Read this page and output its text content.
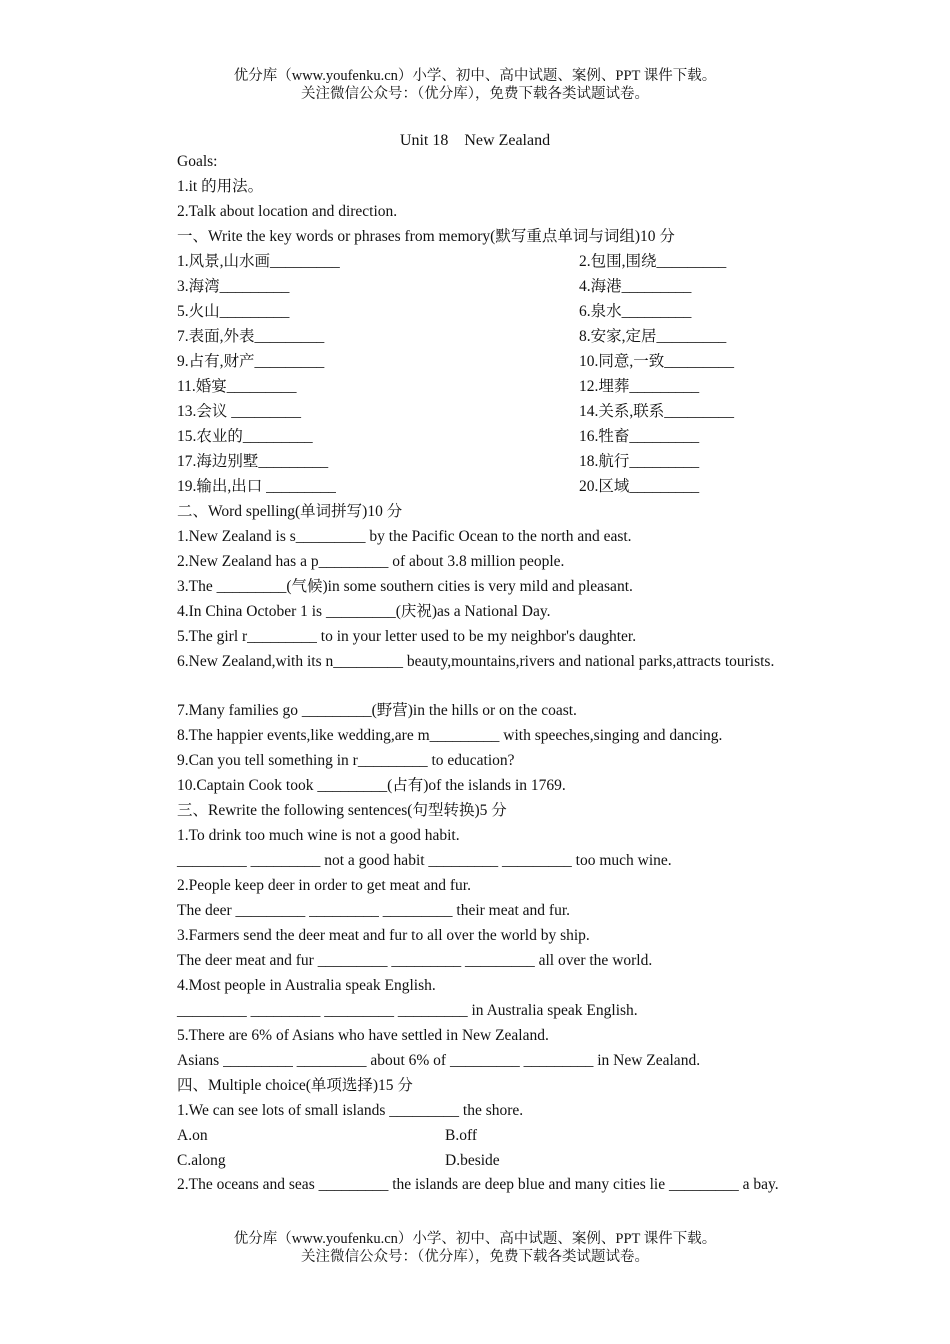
优分库（www.youfenku.cn）小学、初中、高中试题、案例、PPT 课件下载。
关注微信公众号：（优分库），免费下载各类试题试卷。
Unit 18　New Zealand
Goals:
1.it 的用法。
2.Talk about location and direction.
一、Write the key words or phrases from memory(默写重点单词与词组)10 分
1.风景,山水画_________	2.包围,围绕_________
3.海湾_________	4.海港_________
5.火山_________	6.泉水_________
7.表面,外表_________	8.安家,定居_________
9.占有,财产_________	10.同意,一致_________
11.婚宴_________	12.埋葬_________
13.会议 _________	14.关系,联系_________
15.农业的_________	16.牲畜_________
17.海边别墅_________	18.航行_________
19.输出,出口 _________	20.区域_________
二、Word spelling(单词拼写)10 分
1.New Zealand is s_________ by the Pacific Ocean to the north and east.
2.New Zealand has a p_________ of about 3.8 million people.
3.The _________(气候)in some southern cities is very mild and pleasant.
4.In China October 1 is _________(庆祝)as a National Day.
5.The girl r_________ to in your letter used to be my neighbor's daughter.
6.New Zealand,with its n_________ beauty,mountains,rivers and national parks,attracts tourists.
7.Many families go _________(野营)in the hills or on the coast.
8.The happier events,like wedding,are m_________ with speeches,singing and dancing.
9.Can you tell something in r_________ to education?
10.Captain Cook took _________(占有)of the islands in 1769.
三、Rewrite the following sentences(句型转换)5 分
1.To drink too much wine is not a good habit.
_________ _________ not a good habit _________ _________ too much wine.
2.People keep deer in order to get meat and fur.
The deer _________ _________ _________ their meat and fur.
3.Farmers send the deer meat and fur to all over the world by ship.
The deer meat and fur _________ _________ _________ all over the world.
4.Most people in Australia speak English.
_________ _________ _________ _________ in Australia speak English.
5.There are 6% of Asians who have settled in New Zealand.
Asians _________ _________ about 6% of _________ _________ in New Zealand.
四、Multiple choice(单项选择)15 分
1.We can see lots of small islands _________ the shore.
A.on	B.off
C.along	D.beside
2.The oceans and seas _________ the islands are deep blue and many cities lie _________ a bay.
优分库（www.youfenku.cn）小学、初中、高中试题、案例、PPT 课件下载。
关注微信公众号：（优分库），免费下载各类试题试卷。
